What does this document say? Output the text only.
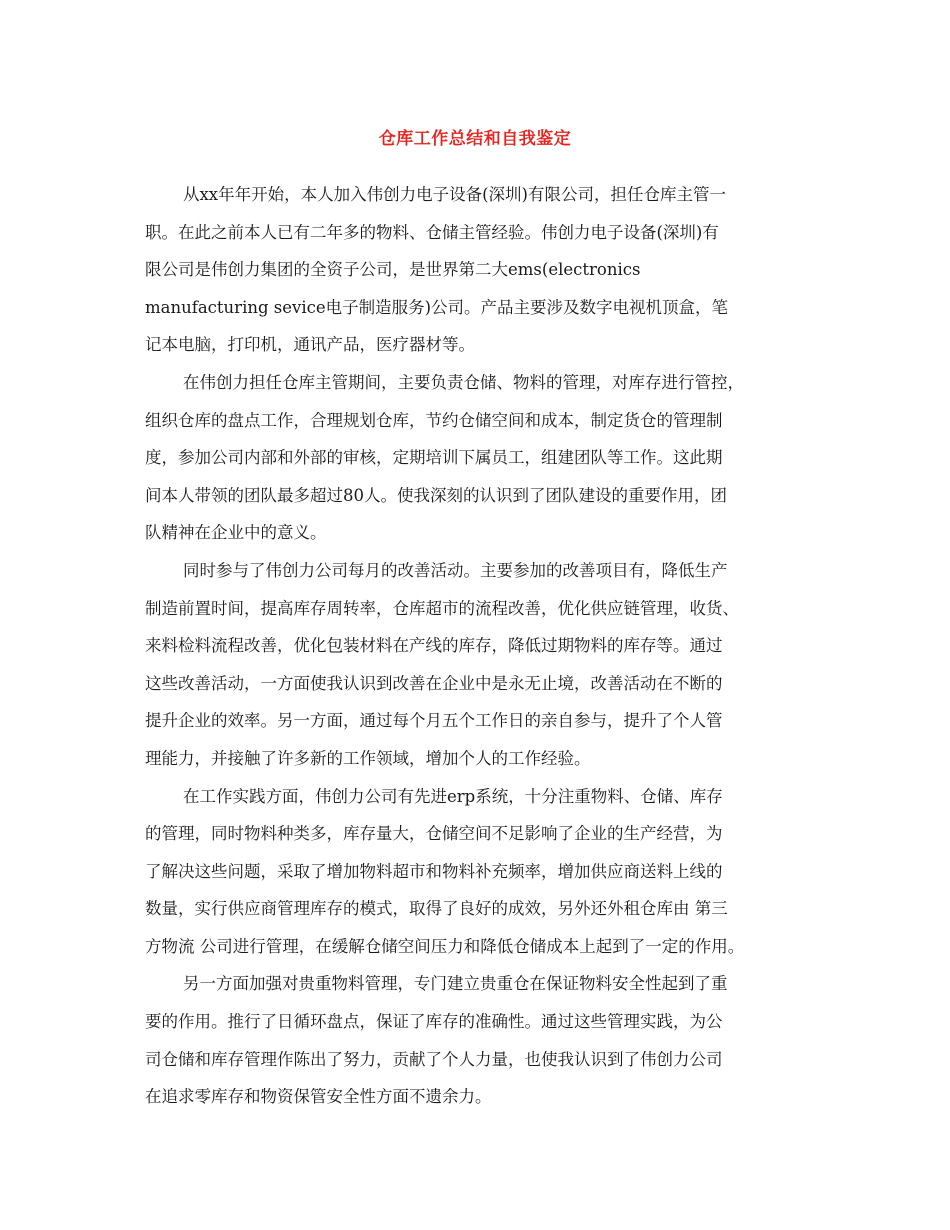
仓库工作总结和自我鉴定
从xx年年开始，本人加入伟创力电子设备(深圳)有限公司，担任仓库主管一
职。在此之前本人已有二年多的物料、仓储主管经验。伟创力电子设备(深圳)有
限公司是伟创力集团的全资子公司，是世界第二大ems(electronics
manufacturing sevice电子制造服务)公司。产品主要涉及数字电视机顶盒，笔
记本电脑，打印机，通讯产品，医疗器材等。
在伟创力担任仓库主管期间，主要负责仓储、物料的管理，对库存进行管控，
组织仓库的盘点工作，合理规划仓库，节约仓储空间和成本，制定货仓的管理制
度，参加公司内部和外部的审核，定期培训下属员工，组建团队等工作。这此期
间本人带领的团队最多超过80人。使我深刻的认识到了团队建设的重要作用，团
队精神在企业中的意义。
同时参与了伟创力公司每月的改善活动。主要参加的改善项目有，降低生产
制造前置时间，提高库存周转率，仓库超市的流程改善，优化供应链管理，收货、
来料检料流程改善，优化包装材料在产线的库存，降低过期物料的库存等。通过
这些改善活动，一方面使我认识到改善在企业中是永无止境，改善活动在不断的
提升企业的效率。另一方面，通过每个月五个工作日的亲自参与，提升了个人管
理能力，并接触了许多新的工作领域，增加个人的工作经验。
在工作实践方面，伟创力公司有先进erp系统，十分注重物料、仓储、库存
的管理，同时物料种类多，库存量大，仓储空间不足影响了企业的生产经营，为
了解决这些问题，采取了增加物料超市和物料补充频率，增加供应商送料上线的
数量，实行供应商管理库存的模式，取得了良好的成效，另外还外租仓库由 第三
方物流 公司进行管理，在缓解仓储空间压力和降低仓储成本上起到了一定的作用。
另一方面加强对贵重物料管理，专门建立贵重仓在保证物料安全性起到了重
要的作用。推行了日循环盘点，保证了库存的准确性。通过这些管理实践，为公
司仓储和库存管理作陈出了努力，贡献了个人力量，也使我认识到了伟创力公司
在追求零库存和物资保管安全性方面不遗余力。
